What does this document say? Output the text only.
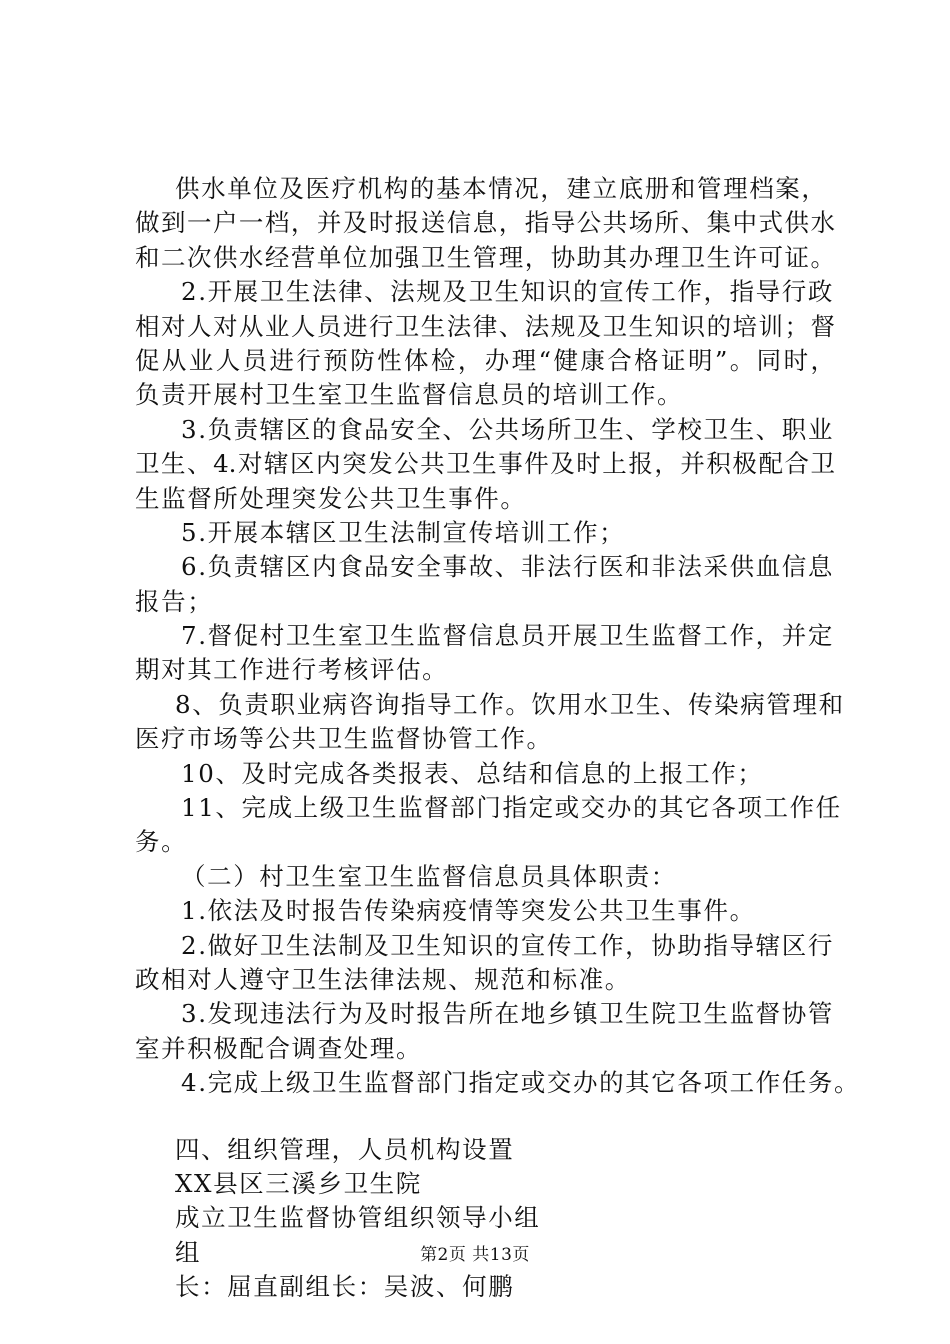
供水单位及医疗机构的基本情况，建立底册和管理档案，
做到一户一档，并及时报送信息，指导公共场所、集中式供水
和二次供水经营单位加强卫生管理，协助其办理卫生许可证。
2.开展卫生法律、法规及卫生知识的宣传工作，指导行政
相对人对从业人员进行卫生法律、法规及卫生知识的培训；督
促从业人员进行预防性体检，办理“健康合格证明”。同时，
负责开展村卫生室卫生监督信息员的培训工作。
3.负责辖区的食品安全、公共场所卫生、学校卫生、职业
卫生、4.对辖区内突发公共卫生事件及时上报，并积极配合卫
生监督所处理突发公共卫生事件。
5.开展本辖区卫生法制宣传培训工作；
6.负责辖区内食品安全事故、非法行医和非法采供血信息
报告；
7.督促村卫生室卫生监督信息员开展卫生监督工作，并定
期对其工作进行考核评估。
8、负责职业病咨询指导工作。饮用水卫生、传染病管理和
医疗市场等公共卫生监督协管工作。
10、及时完成各类报表、总结和信息的上报工作；
11、完成上级卫生监督部门指定或交办的其它各项工作任
务。
（二）村卫生室卫生监督信息员具体职责：
1.依法及时报告传染病疫情等突发公共卫生事件。
2.做好卫生法制及卫生知识的宣传工作，协助指导辖区行
政相对人遵守卫生法律法规、规范和标准。
3.发现违法行为及时报告所在地乡镇卫生院卫生监督协管
室并积极配合调查处理。
4.完成上级卫生监督部门指定或交办的其它各项工作任务。
四、组织管理，人员机构设置
XX县区三溪乡卫生院
成立卫生监督协管组织领导小组
组
长：屈直副组长：吴波、何鹏
第2页 共13页
